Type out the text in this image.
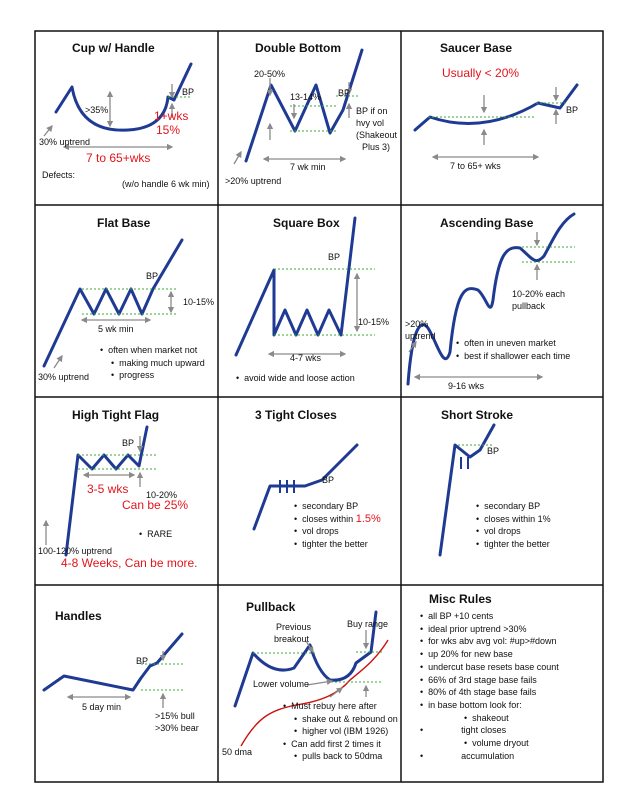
Cup w/ Handle
>35%
BP
1+wks
15%
30% uptrend
7 to 65+wks
Defects:
(w/o handle 6 wk min)
Double Bottom
20-50%
13-14% BP
BP if on
hvy vol
(Shakeout
Plus 3)
7 wk min
>20% uptrend
Saucer Base
Usually < 20%
BP
7 to 65+ wks
Flat Base
BP
10-15%
5 wk min
•  often when market not
•  making much upward
•  progress
30% uptrend
Square Box
BP
10-15%
4-7 wks
•  avoid wide and loose action
Ascending Base
10-20% each
pullback
>20%
uptrend
•  often in uneven market
•  best if shallower each time
9-16 wks
High Tight Flag
BP
3-5 wks 10-20%
Can be 25%
•  RARE
100-120% uptrend
4-8 Weeks, Can be more.
3 Tight Closes
BP
•  secondary BP
•  closes within 1.5%
•  vol drops
•  tighter the better
Short Stroke
BP
•  secondary BP
•  closes within 1%
•  vol drops
•  tighter the better
Handles
BP
5 day min
>15% bull
>30% bear
Pullback
Previous
breakout
Buy range
Lower volume
•  Must rebuy here after
•  shake out & rebound on
•  higher vol (IBM 1926)
•  Can add first 2 times it
•  pulls back to 50dma
50 dma
Misc Rules
•  all BP +10 cents
•  ideal prior uptrend >30%
•  for wks abv avg vol: #up>#down
•  up 20% for new base
•  undercut base resets base count
•  66% of 3rd stage base fails
•  80% of 4th stage base fails
•  in base bottom look for:
•  shakeout
•  tight closes
•  volume dryout
•  accumulation
